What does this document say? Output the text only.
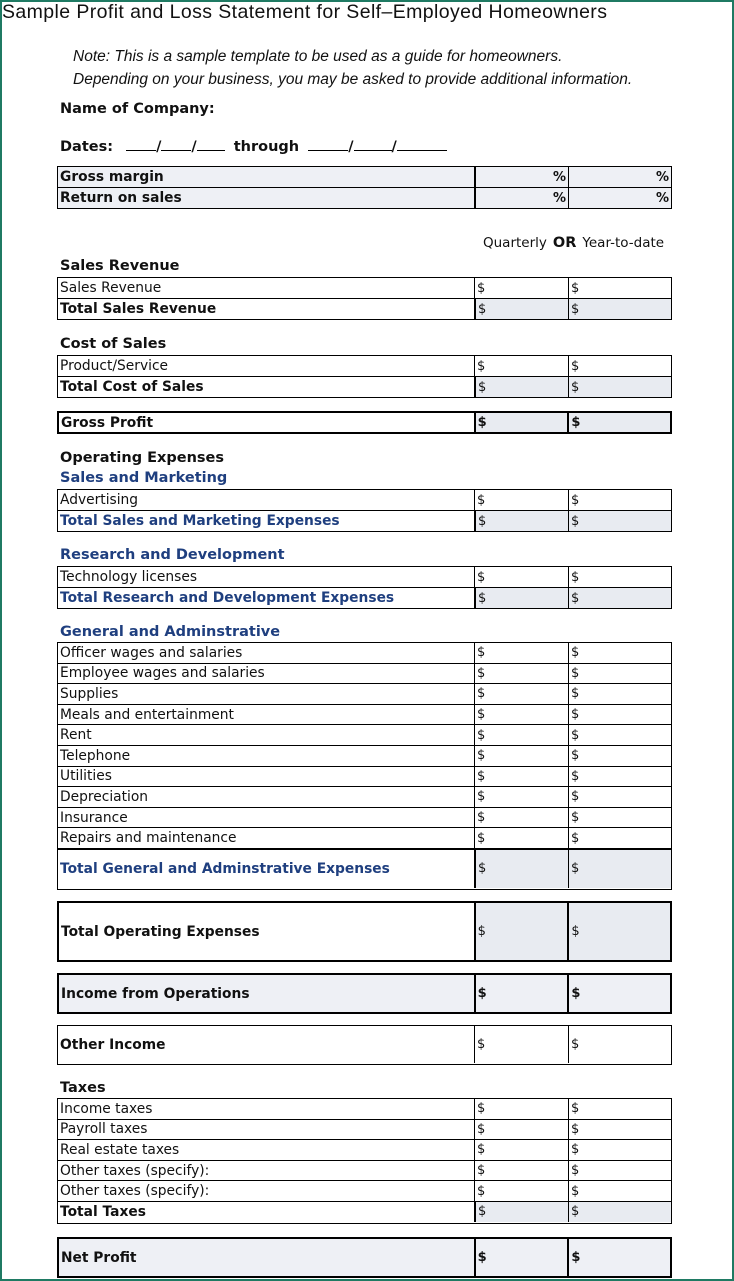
Sample Profit and Loss Statement for Self–Employed Homeowners
Note: This is a sample template to be used as a guide for homeowners.
Depending on your business, you may be asked to provide additional information.
Name of Company:
Dates:	/ /	through	/	/
Gross margin	%	%
Return on sales	%	%
Quarterly OR Year-to-date
Sales Revenue
Sales Revenue	$	$
Total Sales Revenue	$	$
Cost of Sales
Product/Service	$	$
Total Cost of Sales	$	$
Gross Profit	$	$
Operating Expenses
Sales and Marketing
Advertising	$	$
Total Sales and Marketing Expenses	$	$
Research and Development
Technology licenses	$	$
Total Research and Development Expenses	$	$
General and Adminstrative
Officer wages and salaries	$	$
Employee wages and salaries	$	$
Supplies	$	$
Meals and entertainment	$	$
Rent	$	$
Telephone	$	$
Utilities	$	$
Depreciation	$	$
Insurance	$	$
Repairs and maintenance	$	$
Total General and Adminstrative Expenses	$	$
Total Operating Expenses	$	$
Income from Operations	$	$
Other Income	$	$
Taxes
Income taxes	$	$
Payroll taxes	$	$
Real estate taxes	$	$
Other taxes (specify):	$	$
Other taxes (specify):	$	$
Total Taxes	$	$
Net Profit	$	$
